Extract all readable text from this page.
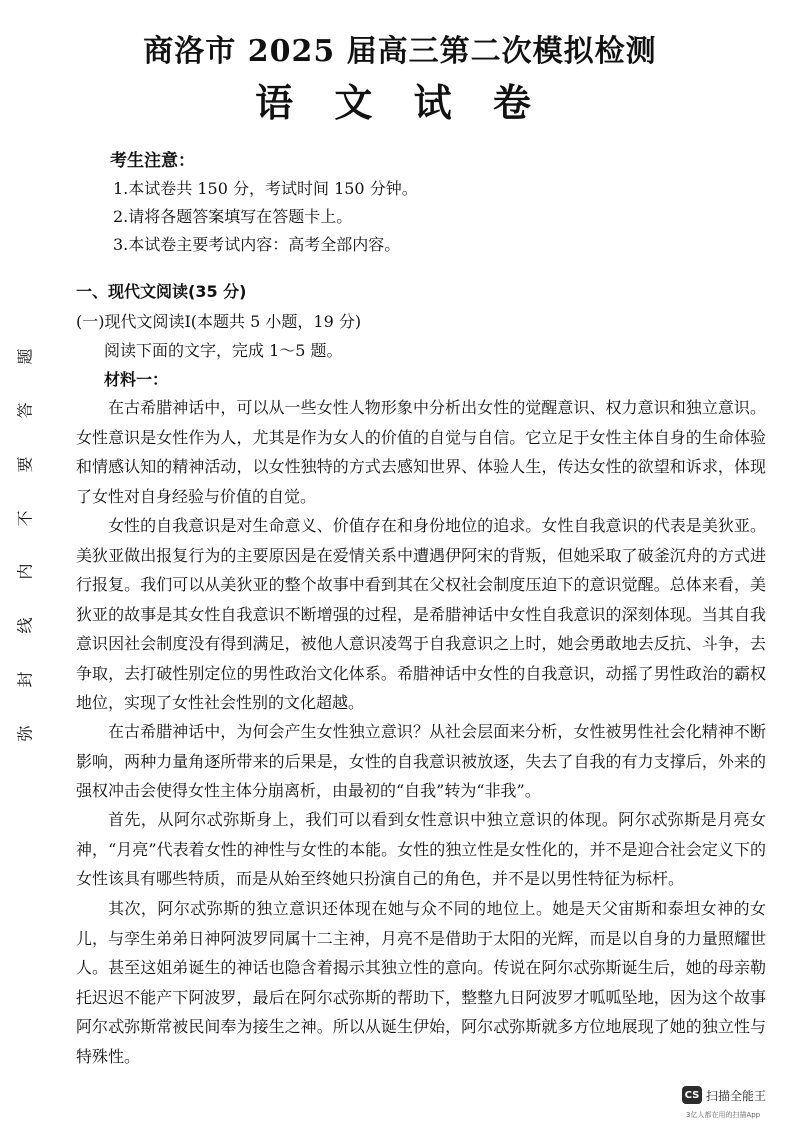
商洛市 2025 届高三第二次模拟检测
语 文 试 卷
考生注意：
1.本试卷共 150 分，考试时间 150 分钟。
2.请将各题答案填写在答题卡上。
3.本试卷主要考试内容：高考全部内容。
一、现代文阅读(35 分)
(一)现代文阅读Ⅰ(本题共 5 小题，19 分)
阅读下面的文字，完成 1～5 题。
材料一：

在古希腊神话中，可以从一些女性人物形象中分析出女性的觉醒意识、权力意识和独立意识。女性意识是女性作为人，尤其是作为女人的价值的自觉与自信。它立足于女性主体自身的生命体验和情感认知的精神活动，以女性独特的方式去感知世界、体验人生，传达女性的欲望和诉求，体现了女性对自身经验与价值的自觉。

女性的自我意识是对生命意义、价值存在和身份地位的追求。女性自我意识的代表是美狄亚。美狄亚做出报复行为的主要原因是在爱情关系中遭遇伊阿宋的背叛，但她采取了破釜沉舟的方式进行报复。我们可以从美狄亚的整个故事中看到其在父权社会制度压迫下的意识觉醒。总体来看，美狄亚的故事是其女性自我意识不断增强的过程，是希腊神话中女性自我意识的深刻体现。当其自我意识因社会制度没有得到满足，被他人意识凌驾于自我意识之上时，她会勇敢地去反抗、斗争，去争取，去打破性别定位的男性政治文化体系。希腊神话中女性的自我意识，动摇了男性政治的霸权地位，实现了女性社会性别的文化超越。

在古希腊神话中，为何会产生女性独立意识？从社会层面来分析，女性被男性社会化精神不断影响，两种力量角逐所带来的后果是，女性的自我意识被放逐，失去了自我的有力支撑后，外来的强权冲击会使得女性主体分崩离析，由最初的“自我”转为“非我”。

首先，从阿尔忒弥斯身上，我们可以看到女性意识中独立意识的体现。阿尔忒弥斯是月亮女神，“月亮”代表着女性的神性与女性的本能。女性的独立性是女性化的，并不是迎合社会定义下的女性该具有哪些特质，而是从始至终她只扮演自己的角色，并不是以男性特征为标杆。

其次，阿尔忒弥斯的独立意识还体现在她与众不同的地位上。她是天父宙斯和泰坦女神的女儿，与孪生弟弟日神阿波罗同属十二主神，月亮不是借助于太阳的光辉，而是以自身的力量照耀世人。甚至这姐弟诞生的神话也隐含着揭示其独立性的意向。传说在阿尔忒弥斯诞生后，她的母亲勒托迟迟不能产下阿波罗，最后在阿尔忒弥斯的帮助下，整整九日阿波罗才呱呱坠地，因为这个故事阿尔忒弥斯常被民间奉为接生之神。所以从诞生伊始，阿尔忒弥斯就多方位地展现了她的独立性与特殊性。

题
答
要
不
内
线
封
弥
CS 扫描全能王
3亿人都在用的扫描App
